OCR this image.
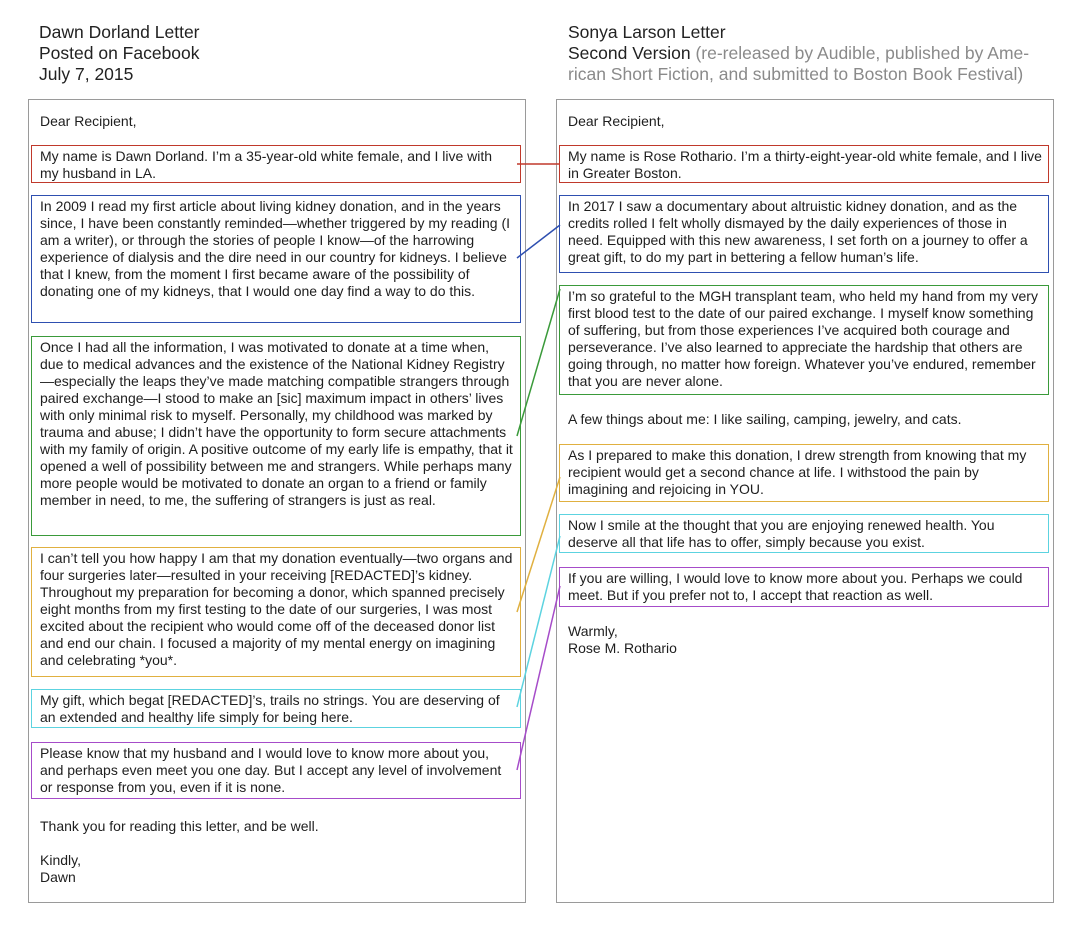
Dawn Dorland Letter
Posted on Facebook
July 7, 2015
Sonya Larson Letter
Second Version (re-released by Audible, published by Ame-
rican Short Fiction, and submitted to Boston Book Festival)

Dear Recipient,

My name is Dawn Dorland. I’m a 35-year-old white female, and I live with my husband in LA.

In 2009 I read my first article about living kidney donation, and in the years since, I have been constantly reminded—whether triggered by my reading (I am a writer), or through the stories of people I know—of the harrowing experience of dialysis and the dire need in our country for kidneys. I believe that I knew, from the moment I first became aware of the possibility of donating one of my kidneys, that I would one day find a way to do this.

Once I had all the information, I was motivated to donate at a time when, due to medical advances and the existence of the National Kidney Registry—especially the leaps they’ve made matching compatible strangers through paired exchange—I stood to make an [sic] maximum impact in others’ lives with only minimal risk to myself. Personally, my childhood was marked by trauma and abuse; I didn’t have the opportunity to form secure attachments with my family of origin. A positive outcome of my early life is empathy, that it opened a well of possibility between me and strangers. While perhaps many more people would be motivated to donate an organ to a friend or family member in need, to me, the suffering of strangers is just as real.

I can’t tell you how happy I am that my donation eventually—two organs and four surgeries later—resulted in your receiving [REDACTED]’s kidney. Throughout my preparation for becoming a donor, which spanned precisely eight months from my first testing to the date of our surgeries, I was most excited about the recipient who would come off of the deceased donor list and end our chain. I focused a majority of my mental energy on imagining and celebrating *you*.

My gift, which begat [REDACTED]’s, trails no strings. You are deserving of an extended and healthy life simply for being here.

Please know that my husband and I would love to know more about you, and perhaps even meet you one day. But I accept any level of involvement or response from you, even if it is none.

Thank you for reading this letter, and be well.

Kindly,
Dawn

Dear Recipient,

My name is Rose Rothario. I’m a thirty-eight-year-old white female, and I live in Greater Boston.

In 2017 I saw a documentary about altruistic kidney donation, and as the credits rolled I felt wholly dismayed by the daily experiences of those in need. Equipped with this new awareness, I set forth on a journey to offer a great gift, to do my part in bettering a fellow human’s life.

I’m so grateful to the MGH transplant team, who held my hand from my very first blood test to the date of our paired exchange. I myself know something of suffering, but from those experiences I’ve acquired both courage and perseverance. I’ve also learned to appreciate the hardship that others are going through, no matter how foreign. Whatever you’ve endured, remember that you are never alone.

A few things about me: I like sailing, camping, jewelry, and cats.

As I prepared to make this donation, I drew strength from knowing that my recipient would get a second chance at life. I withstood the pain by imagining and rejoicing in YOU.

Now I smile at the thought that you are enjoying renewed health. You deserve all that life has to offer, simply because you exist.

If you are willing, I would love to know more about you. Perhaps we could meet. But if you prefer not to, I accept that reaction as well.

Warmly,
Rose M. Rothario
